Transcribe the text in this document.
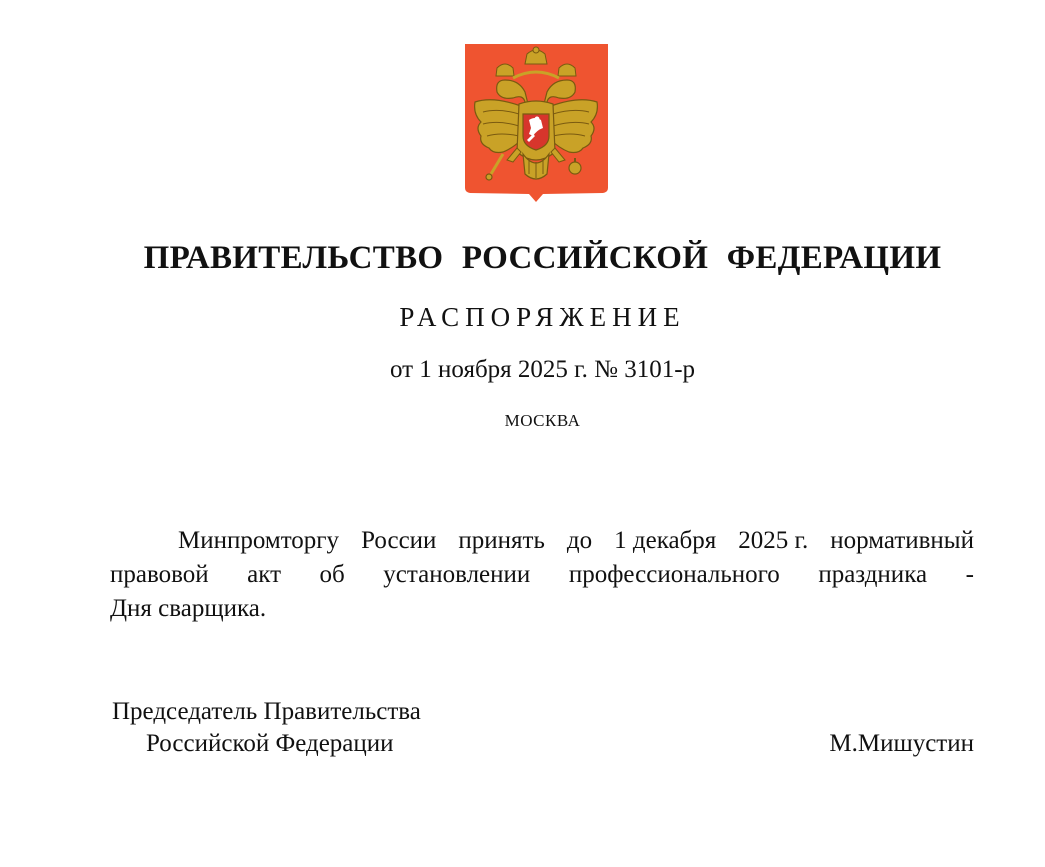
ПРАВИТЕЛЬСТВО РОССИЙСКОЙ ФЕДЕРАЦИИ
РАСПОРЯЖЕНИЕ
от 1 ноября 2025 г. № 3101-р
МОСКВА
Минпромторгу России принять до 1 декабря 2025 г. нормативный
правовой акт об установлении профессионального праздника -
Дня сварщика.
Председатель Правительства
Российской Федерации	М.Мишустин
